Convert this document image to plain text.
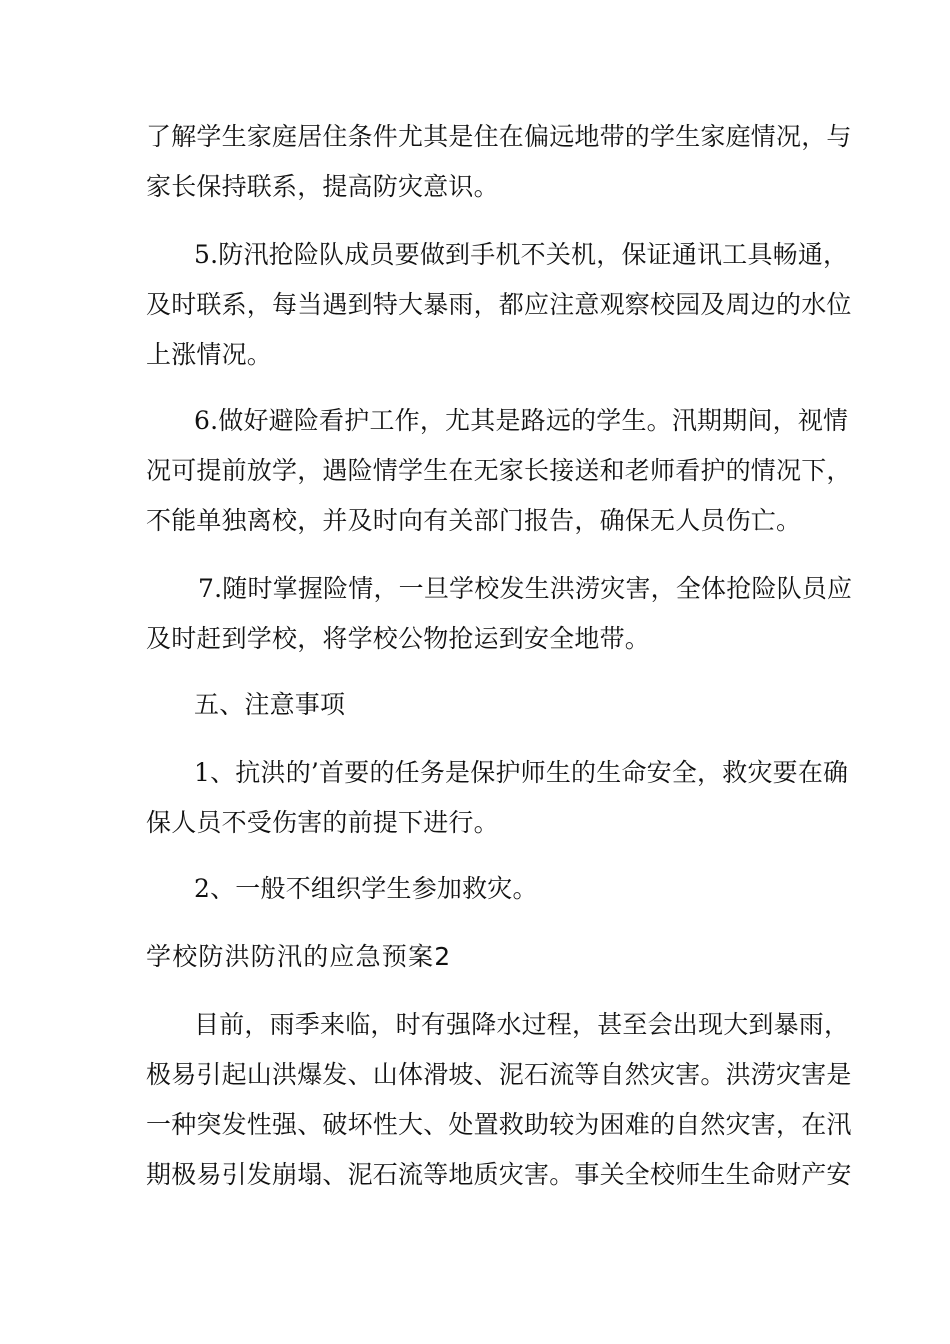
了解学生家庭居住条件尤其是住在偏远地带的学生家庭情况，与
家长保持联系，提高防灾意识。
5.防汛抢险队成员要做到手机不关机，保证通讯工具畅通，
及时联系，每当遇到特大暴雨，都应注意观察校园及周边的水位
上涨情况。
6.做好避险看护工作，尤其是路远的学生。汛期期间，视情
况可提前放学，遇险情学生在无家长接送和老师看护的情况下，
不能单独离校，并及时向有关部门报告，确保无人员伤亡。
7.随时掌握险情，一旦学校发生洪涝灾害，全体抢险队员应
及时赶到学校，将学校公物抢运到安全地带。
五、注意事项
1、抗洪的’首要的任务是保护师生的生命安全，救灾要在确
保人员不受伤害的前提下进行。
2、一般不组织学生参加救灾。
学校防洪防汛的应急预案2
目前，雨季来临，时有强降水过程，甚至会出现大到暴雨，
极易引起山洪爆发、山体滑坡、泥石流等自然灾害。洪涝灾害是
一种突发性强、破坏性大、处置救助较为困难的自然灾害，在汛
期极易引发崩塌、泥石流等地质灾害。事关全校师生生命财产安
